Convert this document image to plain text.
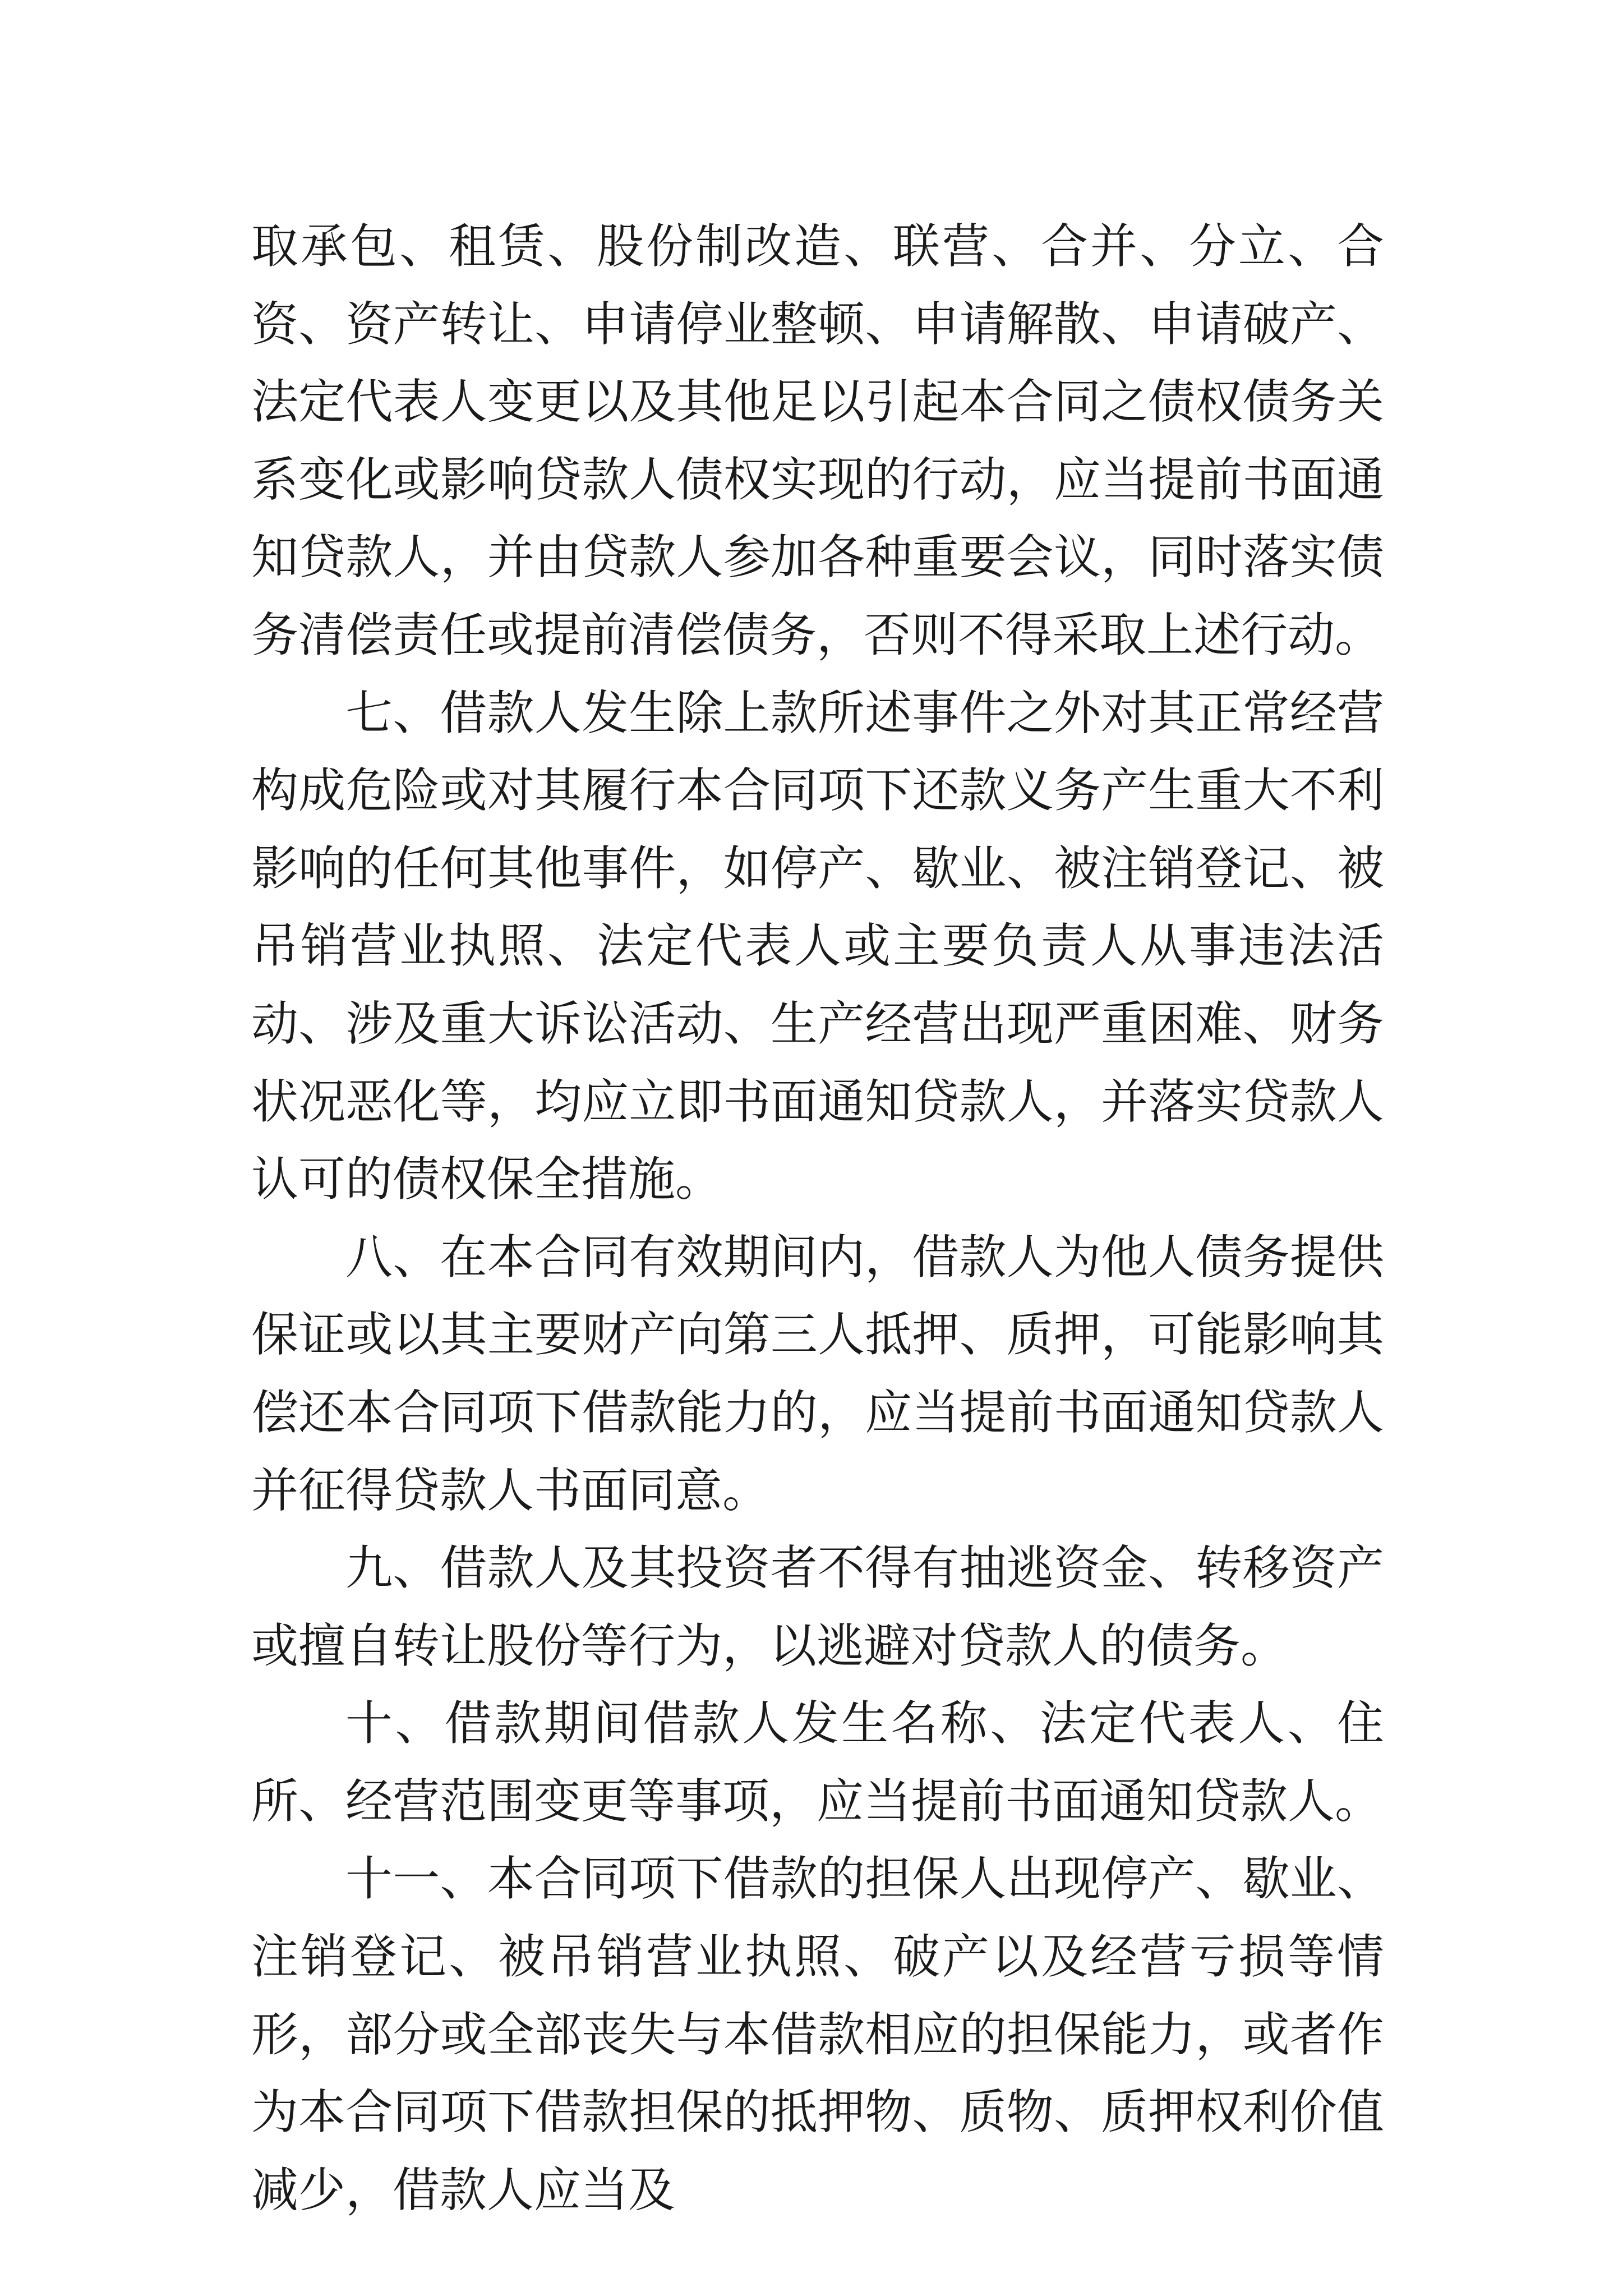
取承包、租赁、股份制改造、联营、合并、分立、合资、资产转让、申请停业整顿、申请解散、申请破产、法定代表人变更以及其他足以引起本合同之债权债务关系变化或影响贷款人债权实现的行动，应当提前书面通知贷款人，并由贷款人参加各种重要会议，同时落实债务清偿责任或提前清偿债务，否则不得采取上述行动。

七、借款人发生除上款所述事件之外对其正常经营构成危险或对其履行本合同项下还款义务产生重大不利影响的任何其他事件，如停产、歇业、被注销登记、被吊销营业执照、法定代表人或主要负责人从事违法活动、涉及重大诉讼活动、生产经营出现严重困难、财务状况恶化等，均应立即书面通知贷款人，并落实贷款人认可的债权保全措施。

八、在本合同有效期间内，借款人为他人债务提供保证或以其主要财产向第三人抵押、质押，可能影响其偿还本合同项下借款能力的，应当提前书面通知贷款人并征得贷款人书面同意。

九、借款人及其投资者不得有抽逃资金、转移资产或擅自转让股份等行为，以逃避对贷款人的债务。

十、借款期间借款人发生名称、法定代表人、住所、经营范围变更等事项，应当提前书面通知贷款人。

十一、本合同项下借款的担保人出现停产、歇业、注销登记、被吊销营业执照、破产以及经营亏损等情形，部分或全部丧失与本借款相应的担保能力，或者作为本合同项下借款担保的抵押物、质物、质押权利价值减少，借款人应当及
